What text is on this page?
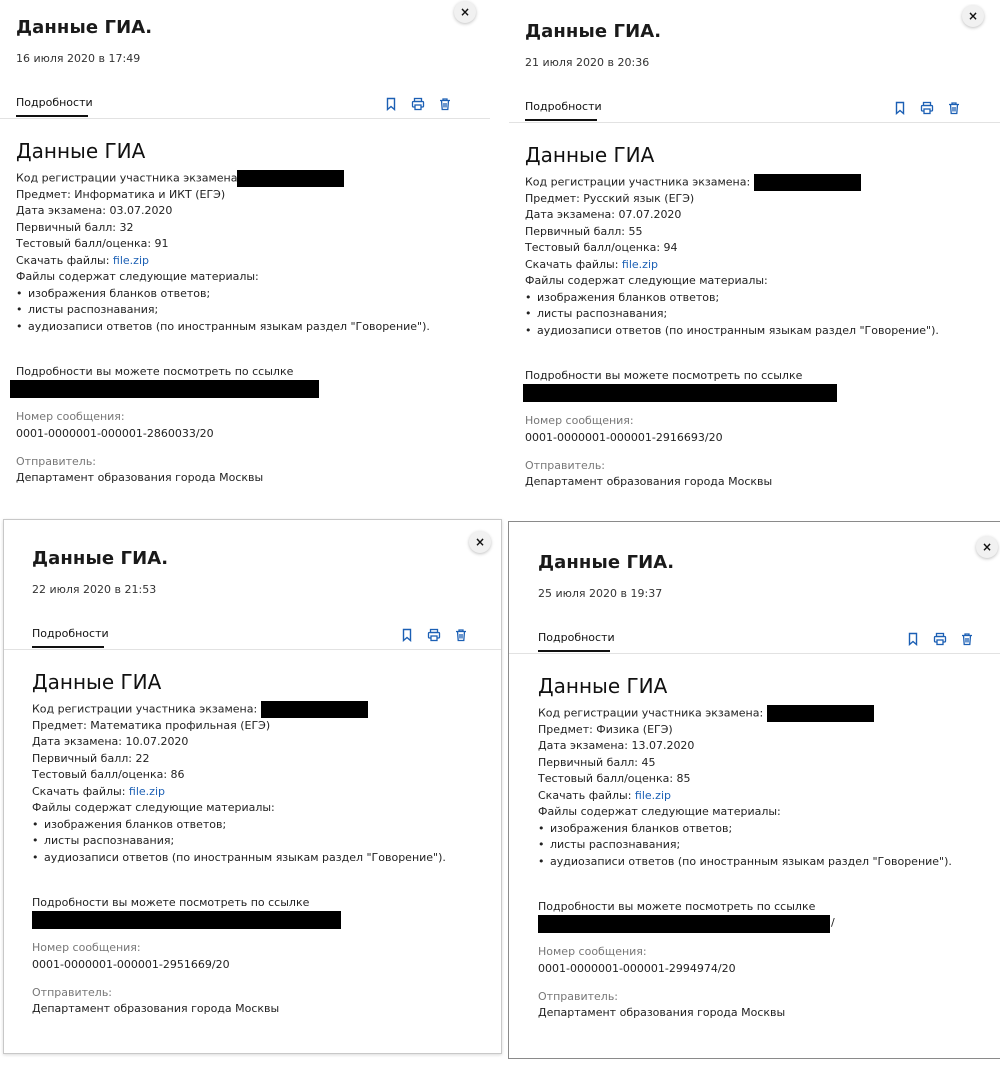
×
Данные ГИА.
16 июля 2020 в 17:49
Подробности
Данные ГИА
Код регистрации участника экзамена
Предмет: Информатика и ИКТ (ЕГЭ)
Дата экзамена: 03.07.2020
Первичный балл: 32
Тестовый балл/оценка: 91
Скачать файлы: file.zip
Файлы содержат следующие материалы:
• изображения бланков ответов;
• листы распознавания;
• аудиозаписи ответов (по иностранным языкам раздел "Говорение").
Подробности вы можете посмотреть по ссылке
Номер сообщения:
0001-0000001-000001-2860033/20
Отправитель:
Департамент образования города Москвы
×
Данные ГИА.
21 июля 2020 в 20:36
Подробности
Данные ГИА
Код регистрации участника экзамена:
Предмет: Русский язык (ЕГЭ)
Дата экзамена: 07.07.2020
Первичный балл: 55
Тестовый балл/оценка: 94
Скачать файлы: file.zip
Файлы содержат следующие материалы:
• изображения бланков ответов;
• листы распознавания;
• аудиозаписи ответов (по иностранным языкам раздел "Говорение").
Подробности вы можете посмотреть по ссылке
Номер сообщения:
0001-0000001-000001-2916693/20
Отправитель:
Департамент образования города Москвы
×
Данные ГИА.
22 июля 2020 в 21:53
Подробности
Данные ГИА
Код регистрации участника экзамена:
Предмет: Математика профильная (ЕГЭ)
Дата экзамена: 10.07.2020
Первичный балл: 22
Тестовый балл/оценка: 86
Скачать файлы: file.zip
Файлы содержат следующие материалы:
• изображения бланков ответов;
• листы распознавания;
• аудиозаписи ответов (по иностранным языкам раздел "Говорение").
Подробности вы можете посмотреть по ссылке
Номер сообщения:
0001-0000001-000001-2951669/20
Отправитель:
Департамент образования города Москвы
×
Данные ГИА.
25 июля 2020 в 19:37
Подробности
Данные ГИА
Код регистрации участника экзамена:
Предмет: Физика (ЕГЭ)
Дата экзамена: 13.07.2020
Первичный балл: 45
Тестовый балл/оценка: 85
Скачать файлы: file.zip
Файлы содержат следующие материалы:
• изображения бланков ответов;
• листы распознавания;
• аудиозаписи ответов (по иностранным языкам раздел "Говорение").
Подробности вы можете посмотреть по ссылке
/
Номер сообщения:
0001-0000001-000001-2994974/20
Отправитель:
Департамент образования города Москвы
